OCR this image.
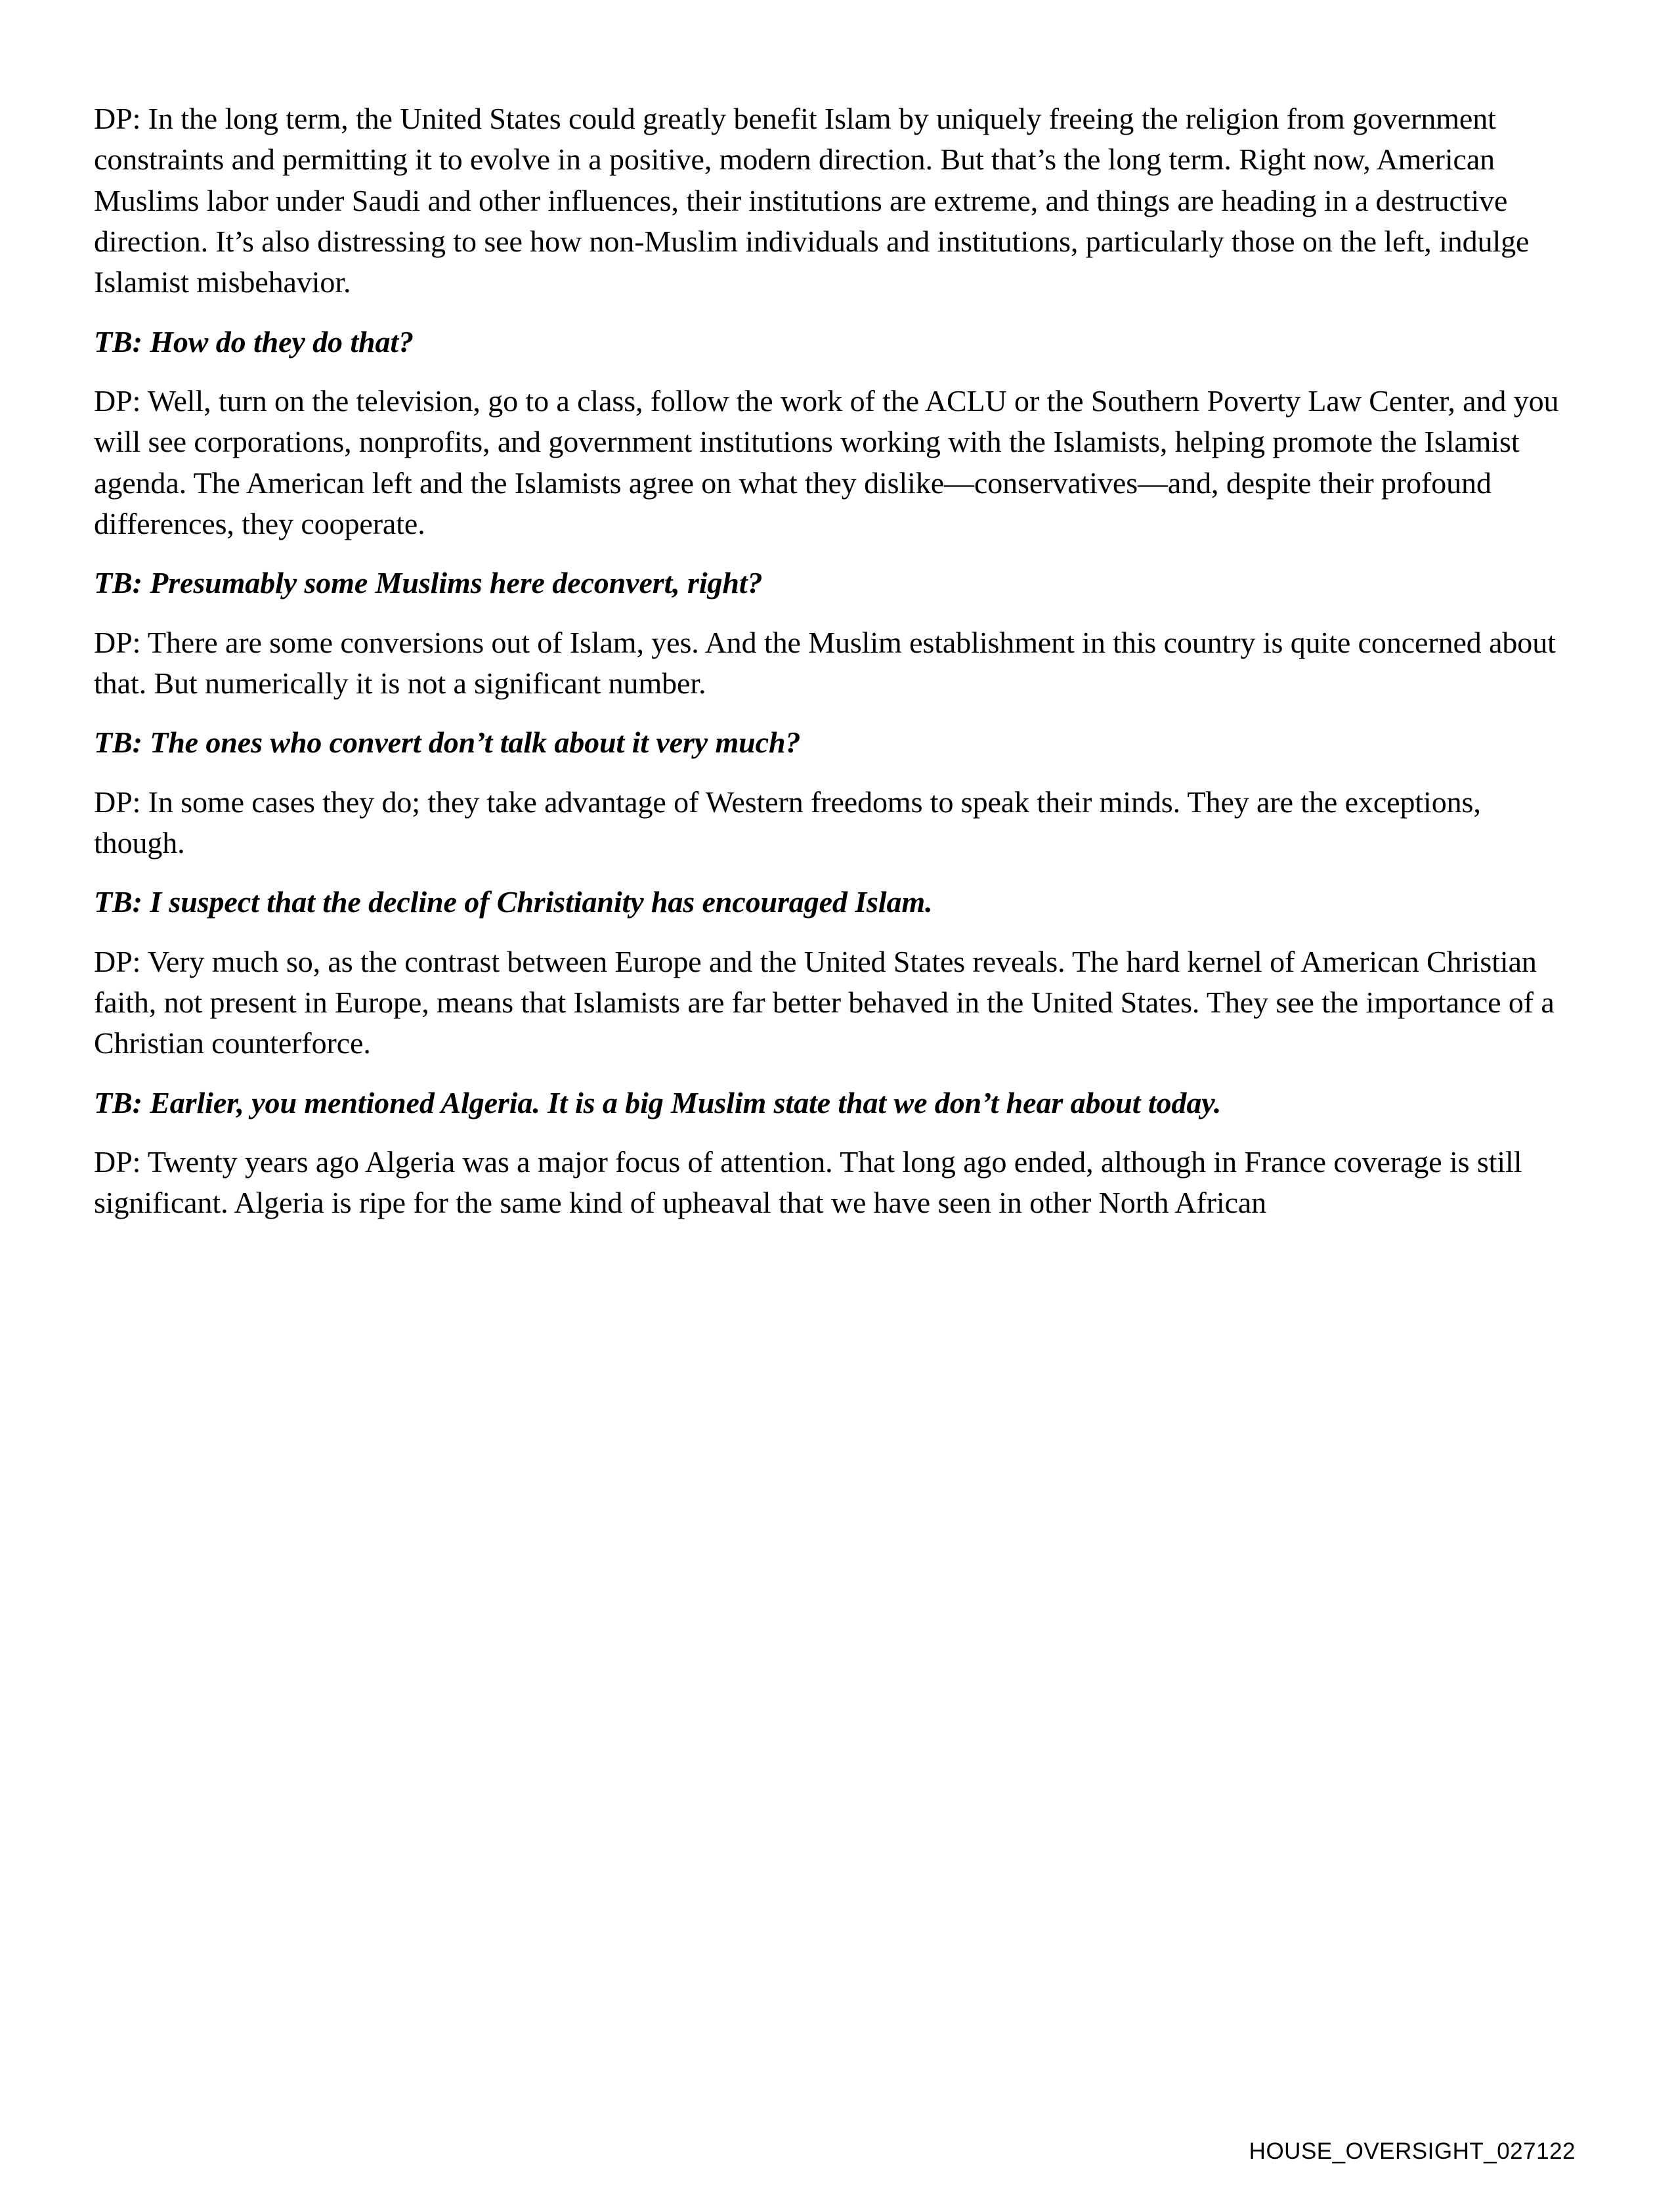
DP: In the long term, the United States could greatly benefit Islam by uniquely freeing the religion from government constraints and permitting it to evolve in a positive, modern direction. But that’s the long term. Right now, American Muslims labor under Saudi and other influences, their institutions are extreme, and things are heading in a destructive direction. It’s also distressing to see how non-Muslim individuals and institutions, particularly those on the left, indulge Islamist misbehavior.

TB: How do they do that?

DP: Well, turn on the television, go to a class, follow the work of the ACLU or the Southern Poverty Law Center, and you will see corporations, nonprofits, and government institutions working with the Islamists, helping promote the Islamist agenda. The American left and the Islamists agree on what they dislike—conservatives—and, despite their profound differences, they cooperate.

TB: Presumably some Muslims here deconvert, right?

DP: There are some conversions out of Islam, yes. And the Muslim establishment in this country is quite concerned about that. But numerically it is not a significant number.

TB: The ones who convert don’t talk about it very much?

DP: In some cases they do; they take advantage of Western freedoms to speak their minds. They are the exceptions, though.

TB: I suspect that the decline of Christianity has encouraged Islam.

DP: Very much so, as the contrast between Europe and the United States reveals. The hard kernel of American Christian faith, not present in Europe, means that Islamists are far better behaved in the United States. They see the importance of a Christian counterforce.

TB: Earlier, you mentioned Algeria. It is a big Muslim state that we don’t hear about today.

DP: Twenty years ago Algeria was a major focus of attention. That long ago ended, although in France coverage is still significant. Algeria is ripe for the same kind of upheaval that we have seen in other North African

HOUSE_OVERSIGHT_027122
